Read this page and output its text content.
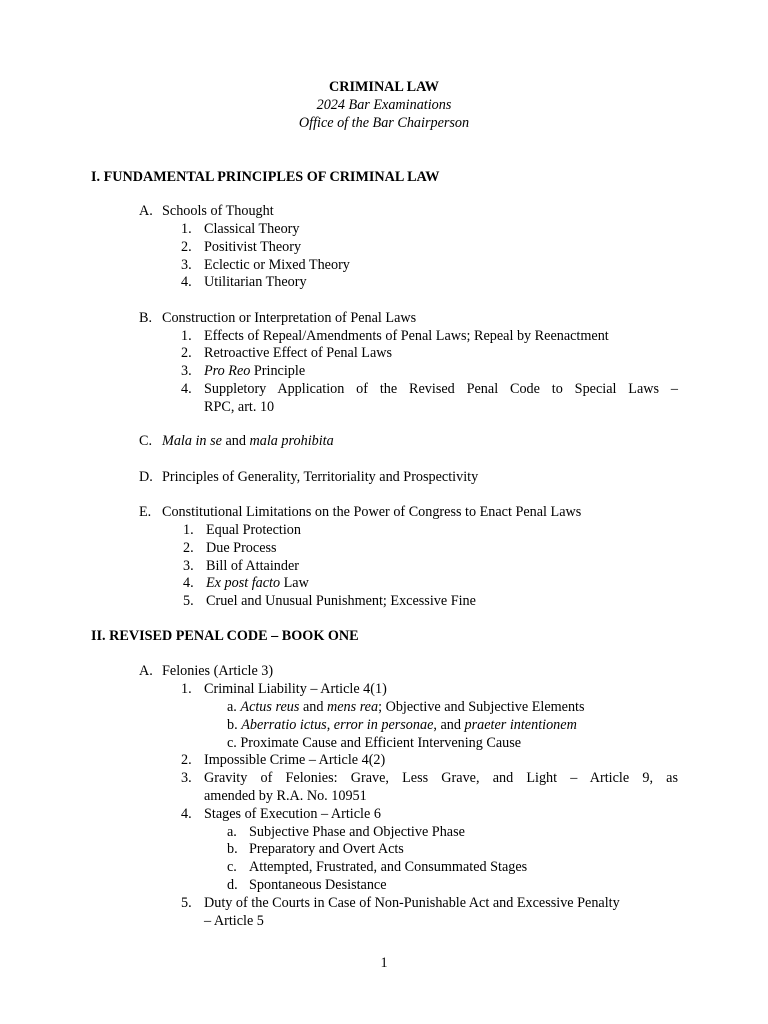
CRIMINAL LAW
2024 Bar Examinations
Office of the Bar Chairperson
I. FUNDAMENTAL PRINCIPLES OF CRIMINAL LAW
A. Schools of Thought
1. Classical Theory
2. Positivist Theory
3. Eclectic or Mixed Theory
4. Utilitarian Theory
B. Construction or Interpretation of Penal Laws
1. Effects of Repeal/Amendments of Penal Laws; Repeal by Reenactment
2. Retroactive Effect of Penal Laws
3. Pro Reo Principle
4. Suppletory Application of the Revised Penal Code to Special Laws –
RPC, art. 10
C. Mala in se and mala prohibita
D. Principles of Generality, Territoriality and Prospectivity
E. Constitutional Limitations on the Power of Congress to Enact Penal Laws
1. Equal Protection
2. Due Process
3. Bill of Attainder
4. Ex post facto Law
5. Cruel and Unusual Punishment; Excessive Fine
II. REVISED PENAL CODE – BOOK ONE
A. Felonies (Article 3)
1. Criminal Liability – Article 4(1)
a. Actus reus and mens rea; Objective and Subjective Elements
b. Aberratio ictus, error in personae, and praeter intentionem
c. Proximate Cause and Efficient Intervening Cause
2. Impossible Crime – Article 4(2)
3. Gravity of Felonies: Grave, Less Grave, and Light – Article 9, as
amended by R.A. No. 10951
4. Stages of Execution – Article 6
a. Subjective Phase and Objective Phase
b. Preparatory and Overt Acts
c. Attempted, Frustrated, and Consummated Stages
d. Spontaneous Desistance
5. Duty of the Courts in Case of Non-Punishable Act and Excessive Penalty
– Article 5
1
